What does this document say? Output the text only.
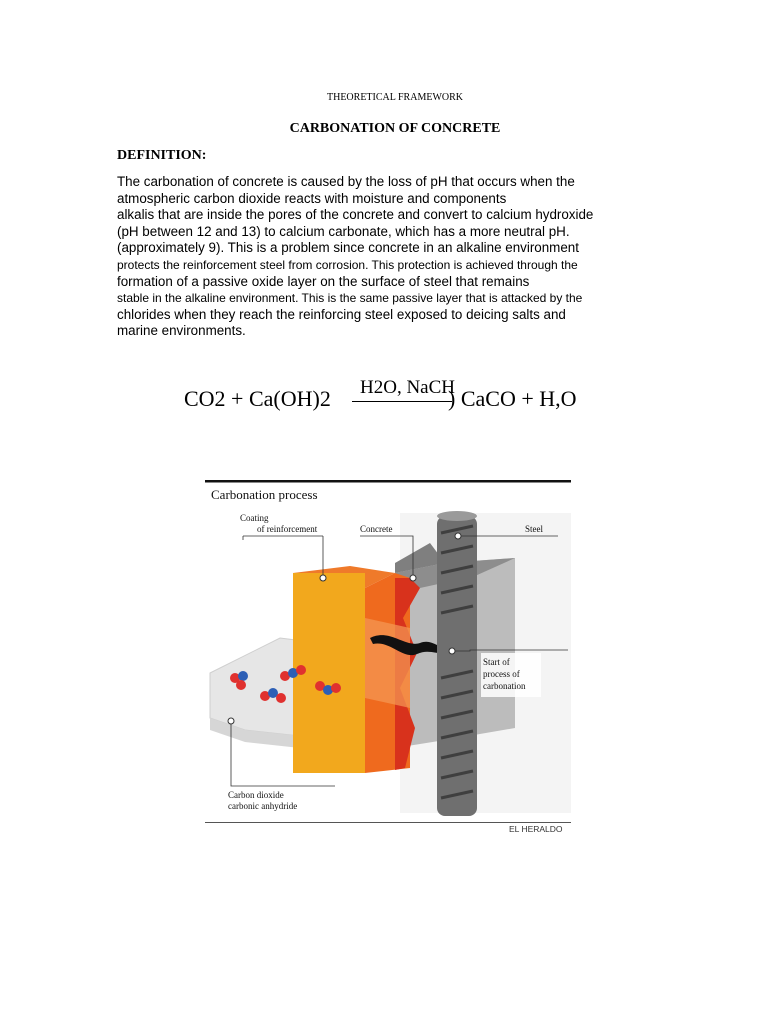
THEORETICAL FRAMEWORK
CARBONATION OF CONCRETE
DEFINITION:
The carbonation of concrete is caused by the loss of pH that occurs when the
atmospheric carbon dioxide reacts with moisture and components
alkalis that are inside the pores of the concrete and convert to calcium hydroxide
(pH between 12 and 13) to calcium carbonate, which has a more neutral pH.
(approximately 9). This is a problem since concrete in an alkaline environment
protects the reinforcement steel from corrosion. This protection is achieved through the
formation of a passive oxide layer on the surface of steel that remains
stable in the alkaline environment. This is the same passive layer that is attacked by the
chlorides when they reach the reinforcing steel exposed to deicing salts and
marine environments.
CO2 + Ca(OH)2 H2O, NaCH
) CaCO + H,O
Carbonation process
Coating
of reinforcement	Concrete	Steel
Start of
process of
carbonation
Carbon dioxide
carbonic anhydride
EL HERALDO
